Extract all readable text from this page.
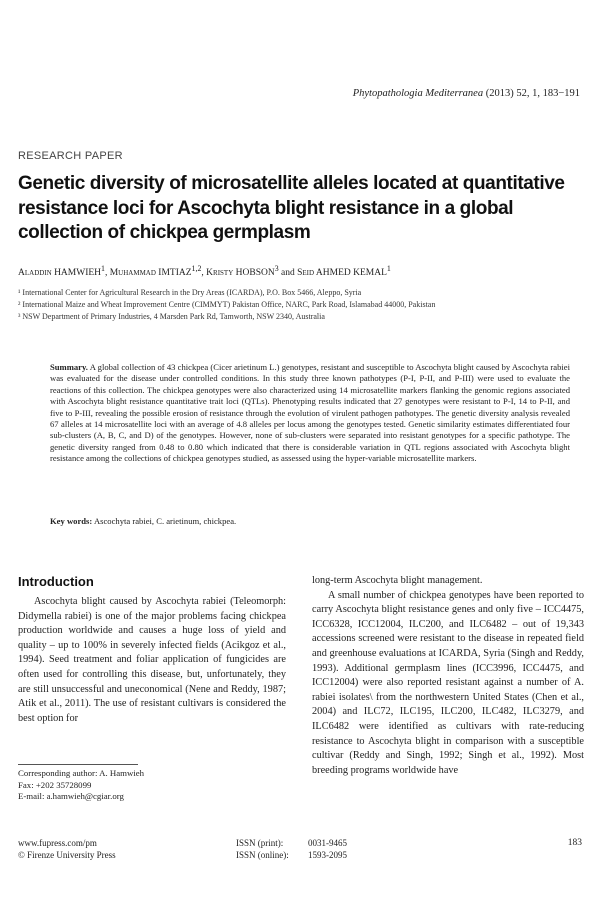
Phytopathologia Mediterranea (2013) 52, 1, 183−191
RESEARCH PAPER
Genetic diversity of microsatellite alleles located at quantitative resistance loci for Ascochyta blight resistance in a global collection of chickpea germplasm
Aladdin HAMWIEH$^1$, Muhammad IMTIAZ$^{1,2}$, Kristy HOBSON$^3$ and Seid AHMED KEMAL$^1$
¹ International Center for Agricultural Research in the Dry Areas (ICARDA), P.O. Box 5466, Aleppo, Syria
² International Maize and Wheat Improvement Centre (CIMMYT) Pakistan Office, NARC, Park Road, Islamabad 44000, Pakistan
³ NSW Department of Primary Industries, 4 Marsden Park Rd, Tamworth, NSW 2340, Australia
Summary. A global collection of 43 chickpea (Cicer arietinum L.) genotypes, resistant and susceptible to Ascochyta blight caused by Ascochyta rabiei was evaluated for the disease under controlled conditions. In this study three known pathotypes (P-I, P-II, and P-III) were used to evaluate the reactions of this collection. The chickpea genotypes were also characterized using 14 microsatellite markers flanking the genomic regions associated with Ascochyta blight resistance quantitative trait loci (QTLs). Phenotyping results indicated that 27 genotypes were resistant to P-I, 14 to P-II, and five to P-III, revealing the possible erosion of resistance through the evolution of virulent pathogen pathotypes. The genetic diversity analysis revealed 67 alleles at 14 microsatellite loci with an average of 4.8 alleles per locus among the genotypes tested. Genetic similarity estimates differentiated four sub-clusters (A, B, C, and D) of the genotypes. However, none of sub-clusters were separated into resistant genotypes for a specific pathotype. The genetic diversity ranged from 0.48 to 0.80 which indicated that there is considerable variation in QTL regions associated with Ascochyta blight resistance among the collections of chickpea genotypes studied, as assessed using the hyper-variable microsatellite markers.
Key words: Ascochyta rabiei, C. arietinum, chickpea.
Introduction

Ascochyta blight caused by Ascochyta rabiei (Teleomorph: Didymella rabiei) is one of the major problems facing chickpea production worldwide and causes a huge loss of yield and quality – up to 100% in severely infected fields (Acikgoz et al., 1994). Seed treatment and foliar application of fungicides are often used for controlling this disease, but, unfortunately, they are still unsuccessful and uneconomical (Nene and Reddy, 1987; Atik et al., 2011). The use of resistant cultivars is considered the best option for

long-term Ascochyta blight management.

A small number of chickpea genotypes have been reported to carry Ascochyta blight resistance genes and only five – ICC4475, ICC6328, ICC12004, ILC200, and ILC6482 – out of 19,343 accessions screened were resistant to the disease in repeated field and greenhouse evaluations at ICARDA, Syria (Singh and Reddy, 1993). Additional germplasm lines (ICC3996, ICC4475, and ICC12004) were also reported resistant against a number of A. rabiei isolates\ from the northwestern United States (Chen et al., 2004) and ILC72, ILC195, ILC200, ILC482, ILC3279, and ILC6482 were identified as cultivars with rate-reducing resistance to Ascochyta blight in comparison with a susceptible cultivar (Reddy and Singh, 1992; Singh et al., 1992). Most breeding programs worldwide have

Corresponding author: A. Hamwieh
Fax: +202 35728099
E-mail: a.hamwieh@cgiar.org
www.fupress.com/pm
© Firenze University Press
ISSN (print):	0031-9465
ISSN (online): 1593-2095
183
